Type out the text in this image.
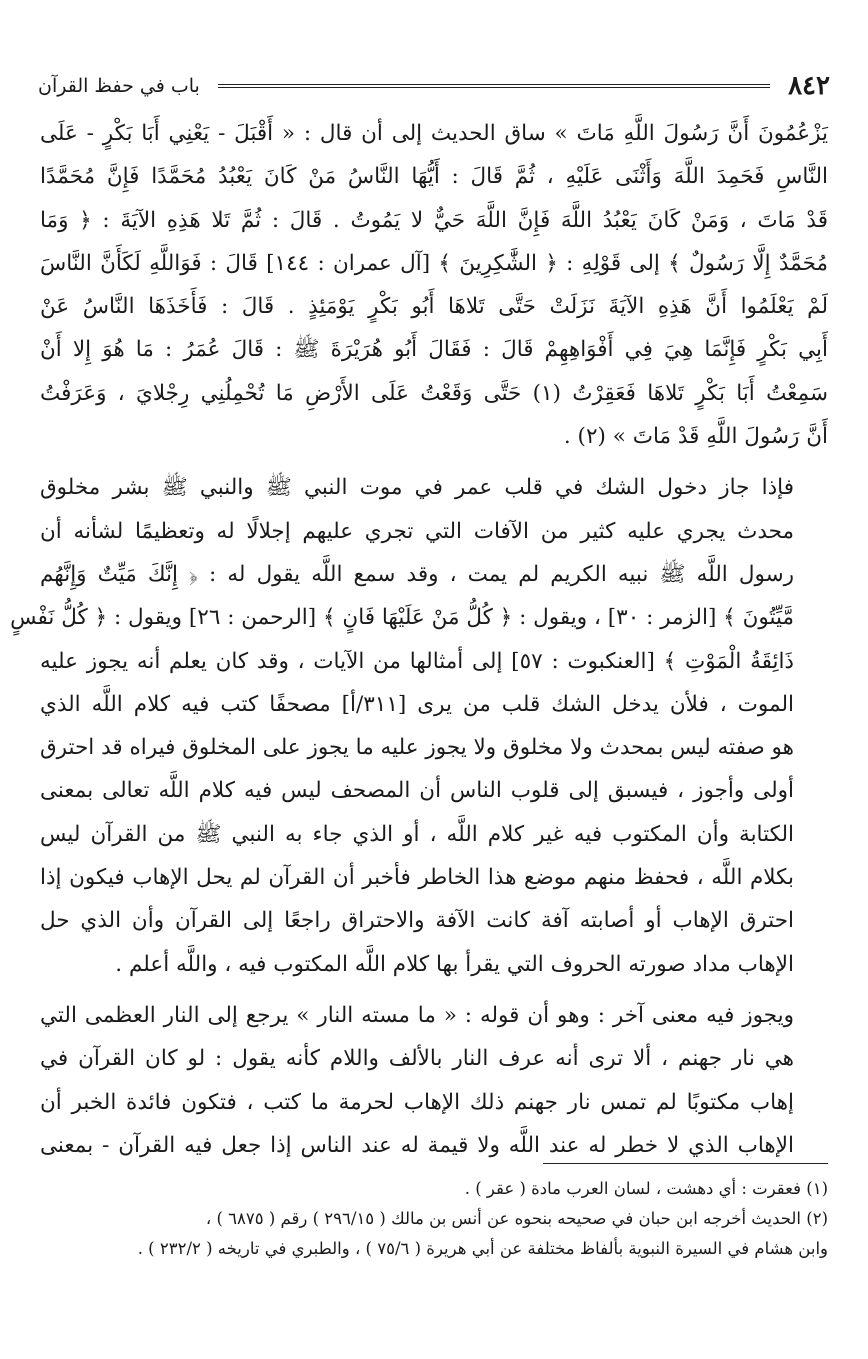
٨٤٢
باب في حفظ القرآن

يَزْعُمُونَ أَنَّ رَسُولَ اللَّهِ مَاتَ » ساق الحديث إلى أن قال : « أَقْبَلَ - يَعْنِي أَبَا بَكْرٍ - عَلَى
النَّاسِ فَحَمِدَ اللَّهَ وَأَثْنَى عَلَيْهِ ، ثُمَّ قَالَ : أَيُّهَا النَّاسُ مَنْ كَانَ يَعْبُدُ مُحَمَّدًا فَإِنَّ مُحَمَّدًا
قَدْ مَاتَ ، وَمَنْ كَانَ يَعْبُدُ اللَّهَ فَإِنَّ اللَّهَ حَيٌّ لا يَمُوتُ . قَالَ : ثُمَّ تَلا هَذِهِ الآيَةَ : ﴿ وَمَا
مُحَمَّدٌ إِلَّا رَسُولٌ ﴾ إلى قَوْلِهِ : ﴿ الشَّٰكِرِينَ ﴾ [آل عمران : ١٤٤] قَالَ : فَوَاللَّهِ لَكَأَنَّ النَّاسَ
لَمْ يَعْلَمُوا أَنَّ هَذِهِ الآيَةَ نَزَلَتْ حَتَّى تَلاهَا أَبُو بَكْرٍ يَوْمَئِذٍ . قَالَ : فَأَخَذَهَا النَّاسُ عَنْ
أَبِي بَكْرٍ فَإِنَّمَا هِيَ فِي أَفْوَاهِهِمْ قَالَ : فَقَالَ أَبُو هُرَيْرَةَ ﷺ : قَالَ عُمَرُ : مَا هُوَ إِلا أَنْ
سَمِعْتُ أَبَا بَكْرٍ تَلاهَا فَعَقِرْتُ (١) حَتَّى وَقَعْتُ عَلَى الأَرْضِ مَا تُحْمِلُنِي رِجْلايَ ، وَعَرَفْتُ
أَنَّ رَسُولَ اللَّهِ قَدْ مَاتَ » (٢) .

فإذا جاز دخول الشك في قلب عمر في موت النبي ﷺ والنبي ﷺ بشر مخلوق
محدث يجري عليه كثير من الآفات التي تجري عليهم إجلالًا له وتعظيمًا لشأنه أن
رسول اللَّه ﷺ نبيه الكريم لم يمت ، وقد سمع اللَّه يقول له : ﴿ إِنَّكَ مَيِّتٌ وَإِنَّهُم
مَّيِّتُونَ ﴾ [الزمر : ٣٠] ، ويقول : ﴿ كُلُّ مَنْ عَلَيْهَا فَانٍ ﴾ [الرحمن : ٢٦] ويقول : ﴿ كُلُّ نَفْسٍ
ذَائِقَةُ الْمَوْتِ ﴾ [العنكبوت : ٥٧] إلى أمثالها من الآيات ، وقد كان يعلم أنه يجوز عليه
الموت ، فلأن يدخل الشك قلب من يرى [٣١١/أ] مصحفًا كتب فيه كلام اللَّه الذي
هو صفته ليس بمحدث ولا مخلوق ولا يجوز عليه ما يجوز على المخلوق فيراه قد احترق
أولى وأجوز ، فيسبق إلى قلوب الناس أن المصحف ليس فيه كلام اللَّه تعالى بمعنى
الكتابة وأن المكتوب فيه غير كلام اللَّه ، أو الذي جاء به النبي ﷺ من القرآن ليس
بكلام اللَّه ، فحفظ منهم موضع هذا الخاطر فأخبر أن القرآن لم يحل الإهاب فيكون إذا
احترق الإهاب أو أصابته آفة كانت الآفة والاحتراق راجعًا إلى القرآن وأن الذي حل
الإهاب مداد صورته الحروف التي يقرأ بها كلام اللَّه المكتوب فيه ، واللَّه أعلم .

ويجوز فيه معنى آخر : وهو أن قوله : « ما مسته النار » يرجع إلى النار العظمى التي
هي نار جهنم ، ألا ترى أنه عرف النار بالألف واللام كأنه يقول : لو كان القرآن في
إهاب مكتوبًا لم تمس نار جهنم ذلك الإهاب لحرمة ما كتب ، فتكون فائدة الخبر أن
الإهاب الذي لا خطر له عند اللَّه ولا قيمة له عند الناس إذا جعل فيه القرآن - بمعنى

(١) فعقرت : أي دهشت ، لسان العرب مادة ( عقر ) .

(٢) الحديث أخرجه ابن حبان في صحيحه بنحوه عن أنس بن مالك ( ٢٩٦/١٥ ) رقم ( ٦٨٧٥ ) ،

وابن هشام في السيرة النبوية بألفاظ مختلفة عن أبي هريرة ( ٧٥/٦ ) ، والطبري في تاريخه ( ٢٣٢/٢ ) .
